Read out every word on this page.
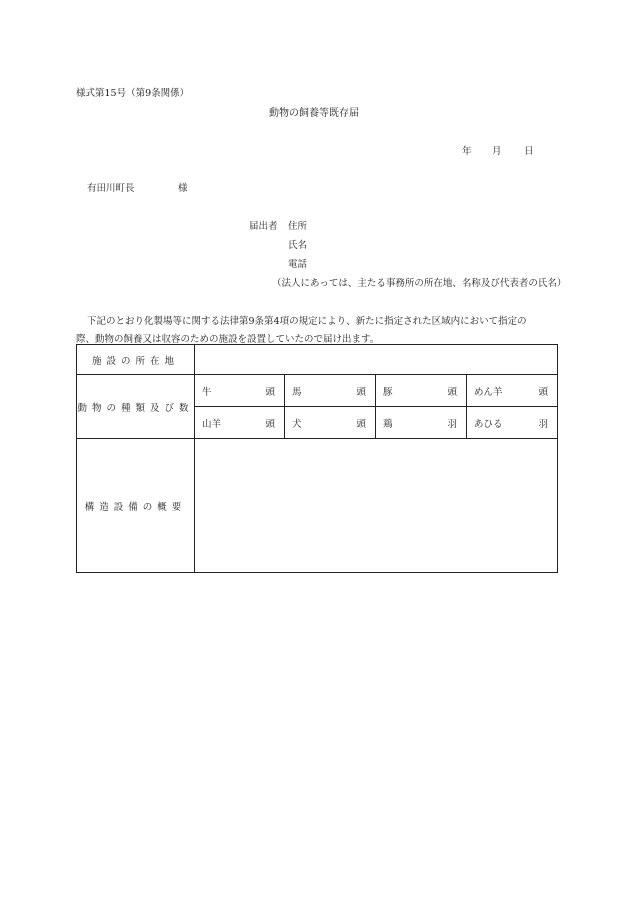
様式第15号（第9条関係）
動物の飼養等既存届
年 月 日
有田川町長	様
届出者 住所
氏名
電話
（法人にあっては、主たる事務所の所在地、名称及び代表者の氏名）
下記のとおり化製場等に関する法律第9条第4項の規定により、新たに指定された区域内において指定の
際、動物の飼養又は収容のための施設を設置していたので届け出ます。
施設の所在地				
動物の種類及び数	牛 頭	馬 頭	豚 頭	めん羊 頭

	山羊 頭	犬 頭	鶏 羽	あひる 羽

構造設備の概要				
